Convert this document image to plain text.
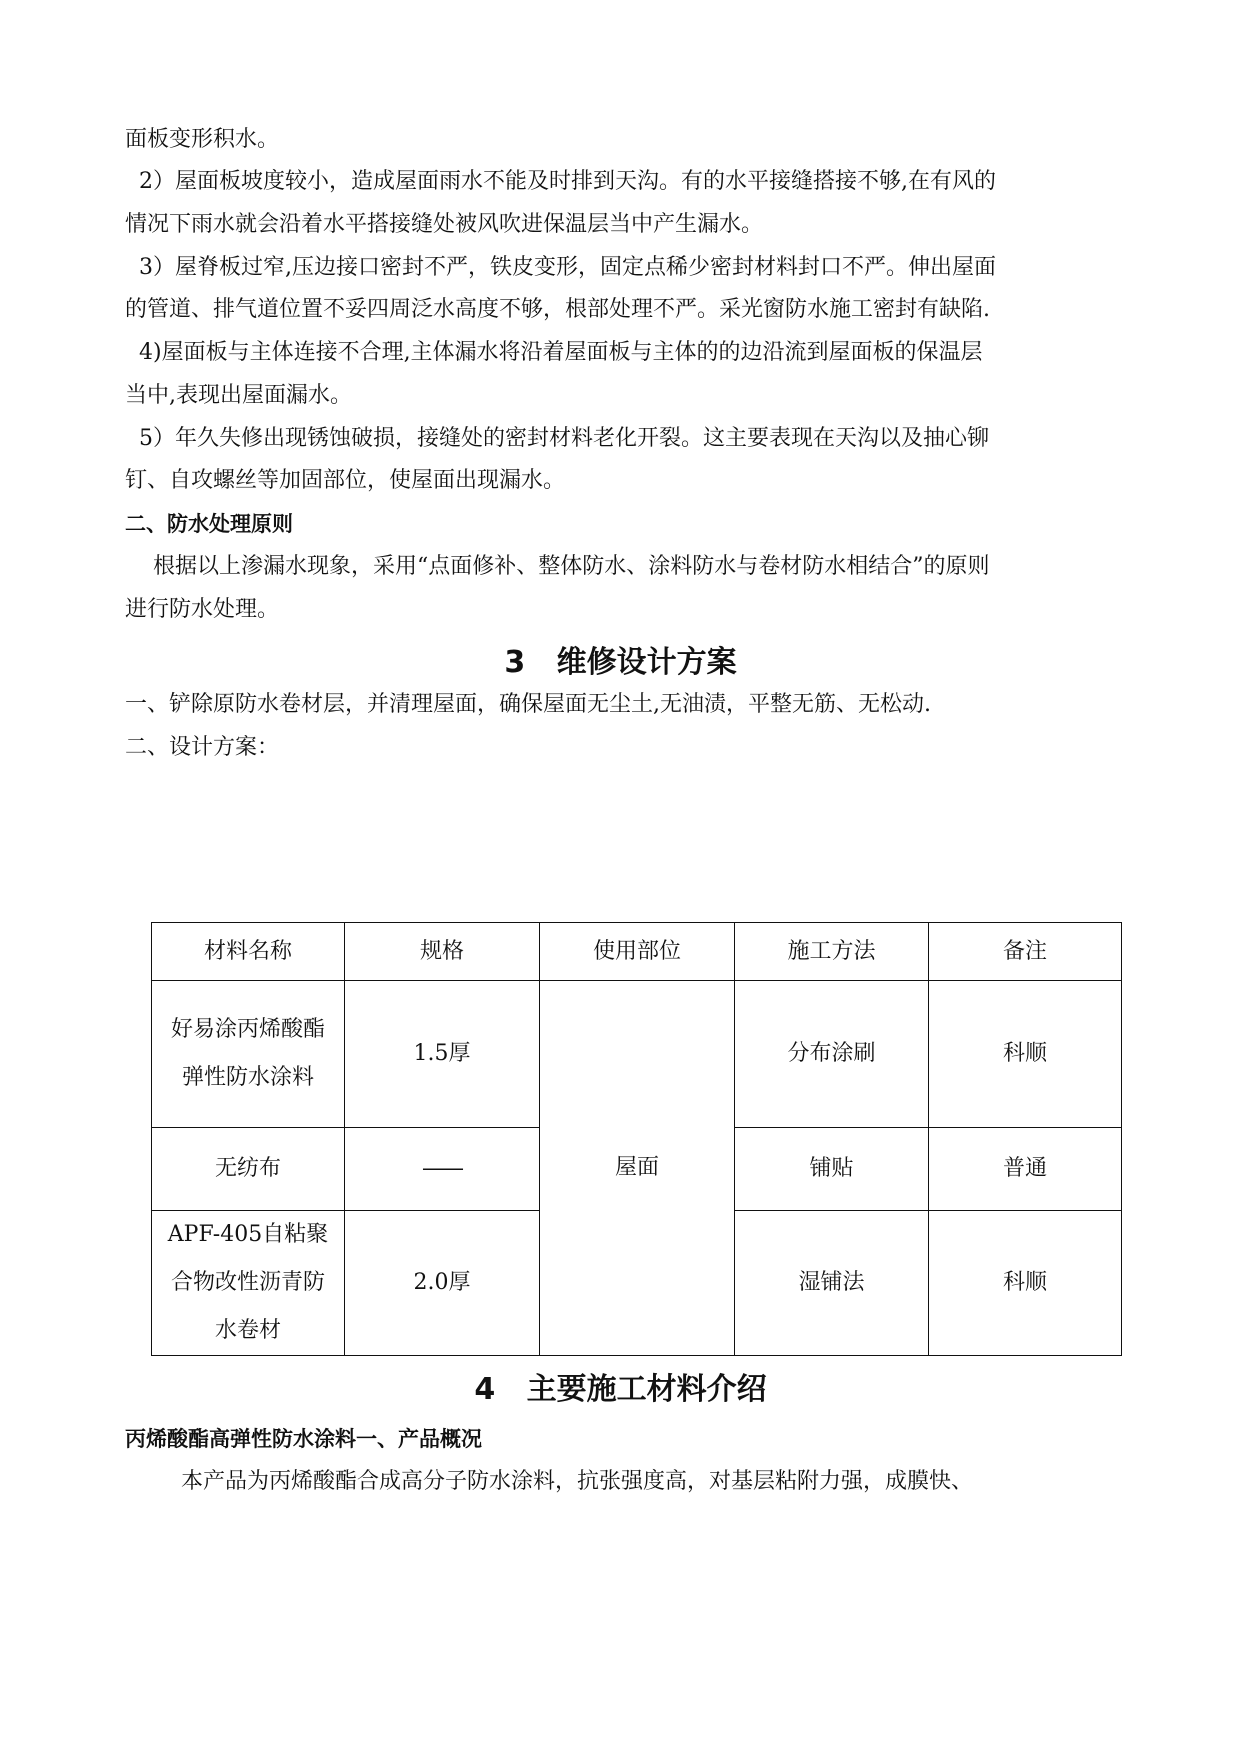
面板变形积水。
2）屋面板坡度较小，造成屋面雨水不能及时排到天沟。有的水平接缝搭接不够,在有风的
情况下雨水就会沿着水平搭接缝处被风吹进保温层当中产生漏水。
3）屋脊板过窄,压边接口密封不严，铁皮变形，固定点稀少密封材料封口不严。伸出屋面
的管道、排气道位置不妥四周泛水高度不够，根部处理不严。采光窗防水施工密封有缺陷.
4)屋面板与主体连接不合理,主体漏水将沿着屋面板与主体的的边沿流到屋面板的保温层
当中,表现出屋面漏水。
5）年久失修出现锈蚀破损，接缝处的密封材料老化开裂。这主要表现在天沟以及抽心铆
钉、自攻螺丝等加固部位，使屋面出现漏水。
二、防水处理原则
根据以上渗漏水现象，采用“点面修补、整体防水、涂料防水与卷材防水相结合”的原则
进行防水处理。
3   维修设计方案
一、铲除原防水卷材层，并清理屋面，确保屋面无尘土,无油渍，平整无筋、无松动.
二、设计方案：
材料名称	规格	使用部位	施工方法	备注
好易涂丙烯酸酯弹性防水涂料	1.5厚	屋面	分布涂刷	科顺
无纺布	——		铺贴	普通
APF-405自粘聚合物改性沥青防水卷材	2.0厚		湿铺法	科顺
4   主要施工材料介绍
丙烯酸酯高弹性防水涂料一、产品概况
本产品为丙烯酸酯合成高分子防水涂料，抗张强度高，对基层粘附力强，成膜快、
